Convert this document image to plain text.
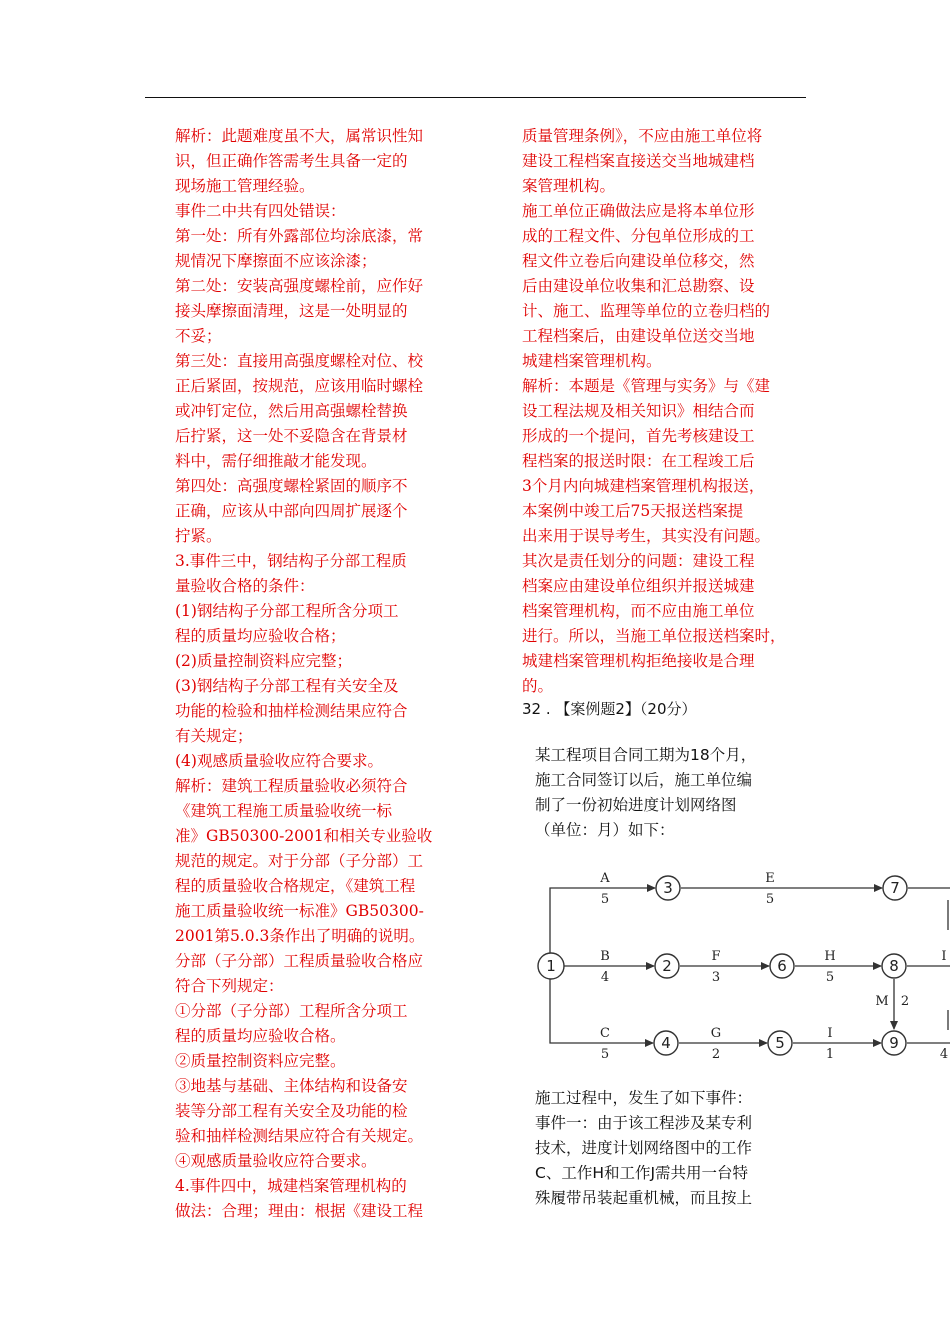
解析：此题难度虽不大，属常识性知
识，但正确作答需考生具备一定的
现场施工管理经验。
事件二中共有四处错误：
第一处：所有外露部位均涂底漆，常
规情况下摩擦面不应该涂漆；
第二处：安装高强度螺栓前，应作好
接头摩擦面清理，这是一处明显的
不妥；
第三处：直接用高强度螺栓对位、校
正后紧固，按规范，应该用临时螺栓
或冲钉定位，然后用高强螺栓替换
后拧紧，这一处不妥隐含在背景材
料中，需仔细推敲才能发现。
第四处：高强度螺栓紧固的顺序不
正确，应该从中部向四周扩展逐个
拧紧。
3.事件三中，钢结构子分部工程质
量验收合格的条件：
(1)钢结构子分部工程所含分项工
程的质量均应验收合格；
(2)质量控制资料应完整；
(3)钢结构子分部工程有关安全及
功能的检验和抽样检测结果应符合
有关规定；
(4)观感质量验收应符合要求。
解析：建筑工程质量验收必须符合
《建筑工程施工质量验收统一标
准》GB50300-2001和相关专业验收
规范的规定。对于分部（子分部）工
程的质量验收合格规定，《建筑工程
施工质量验收统一标准》GB50300-
2001第5.0.3条作出了明确的说明。
分部（子分部）工程质量验收合格应
符合下列规定：
①分部（子分部）工程所含分项工
程的质量均应验收合格。
②质量控制资料应完整。
③地基与基础、主体结构和设备安
装等分部工程有关安全及功能的检
验和抽样检测结果应符合有关规定。
④观感质量验收应符合要求。
4.事件四中，城建档案管理机构的
做法：合理；理由：根据《建设工程
质量管理条例》，不应由施工单位将
建设工程档案直接送交当地城建档
案管理机构。
施工单位正确做法应是将本单位形
成的工程文件、分包单位形成的工
程文件立卷后向建设单位移交，然
后由建设单位收集和汇总勘察、设
计、施工、监理等单位的立卷归档的
工程档案后，由建设单位送交当地
城建档案管理机构。
解析：本题是《管理与实务》与《建
设工程法规及相关知识》相结合而
形成的一个提问，首先考核建设工
程档案的报送时限：在工程竣工后
3个月内向城建档案管理机构报送，
本案例中竣工后75天报送档案提
出来用于误导考生，其实没有问题。
其次是责任划分的问题：建设工程
档案应由建设单位组织并报送城建
档案管理机构，而不应由施工单位
进行。所以，当施工单位报送档案时，
城建档案管理机构拒绝接收是合理
的。
32 . 【案例题2】（20分）
某工程项目合同工期为18个月，
施工合同签订以后，施工单位编
制了一份初始进度计划网络图
（单位：月）如下：
1
3	7
2	6	8
4	5	9
A
5
E
5
B
4
F
3
H
5
C
5
G
2
I
1
M 2
I
4
施工过程中，发生了如下事件：
事件一：由于该工程涉及某专利
技术，进度计划网络图中的工作
C、工作H和工作J需共用一台特
殊履带吊装起重机械，而且按上
